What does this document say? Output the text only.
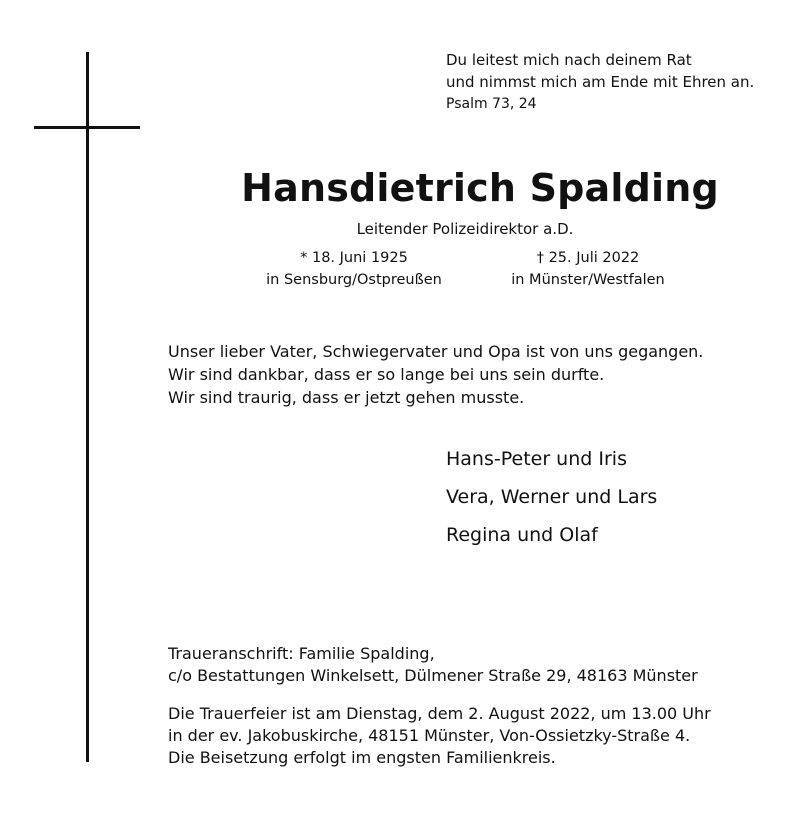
Du leitest mich nach deinem Rat
und nimmst mich am Ende mit Ehren an.
Psalm 73, 24
Hansdietrich Spalding
Leitender Polizeidirektor a.D.
* 18. Juni 1925
in Sensburg/Ostpreußen
† 25. Juli 2022
in Münster/Westfalen
Unser lieber Vater, Schwiegervater und Opa ist von uns gegangen.
Wir sind dankbar, dass er so lange bei uns sein durfte.
Wir sind traurig, dass er jetzt gehen musste.
Hans-Peter und Iris
Vera, Werner und Lars
Regina und Olaf
Traueranschrift: Familie Spalding,
c/o Bestattungen Winkelsett, Dülmener Straße 29, 48163 Münster
Die Trauerfeier ist am Dienstag, dem 2. August 2022, um 13.00 Uhr
in der ev. Jakobuskirche, 48151 Münster, Von-Ossietzky-Straße 4.
Die Beisetzung erfolgt im engsten Familienkreis.
